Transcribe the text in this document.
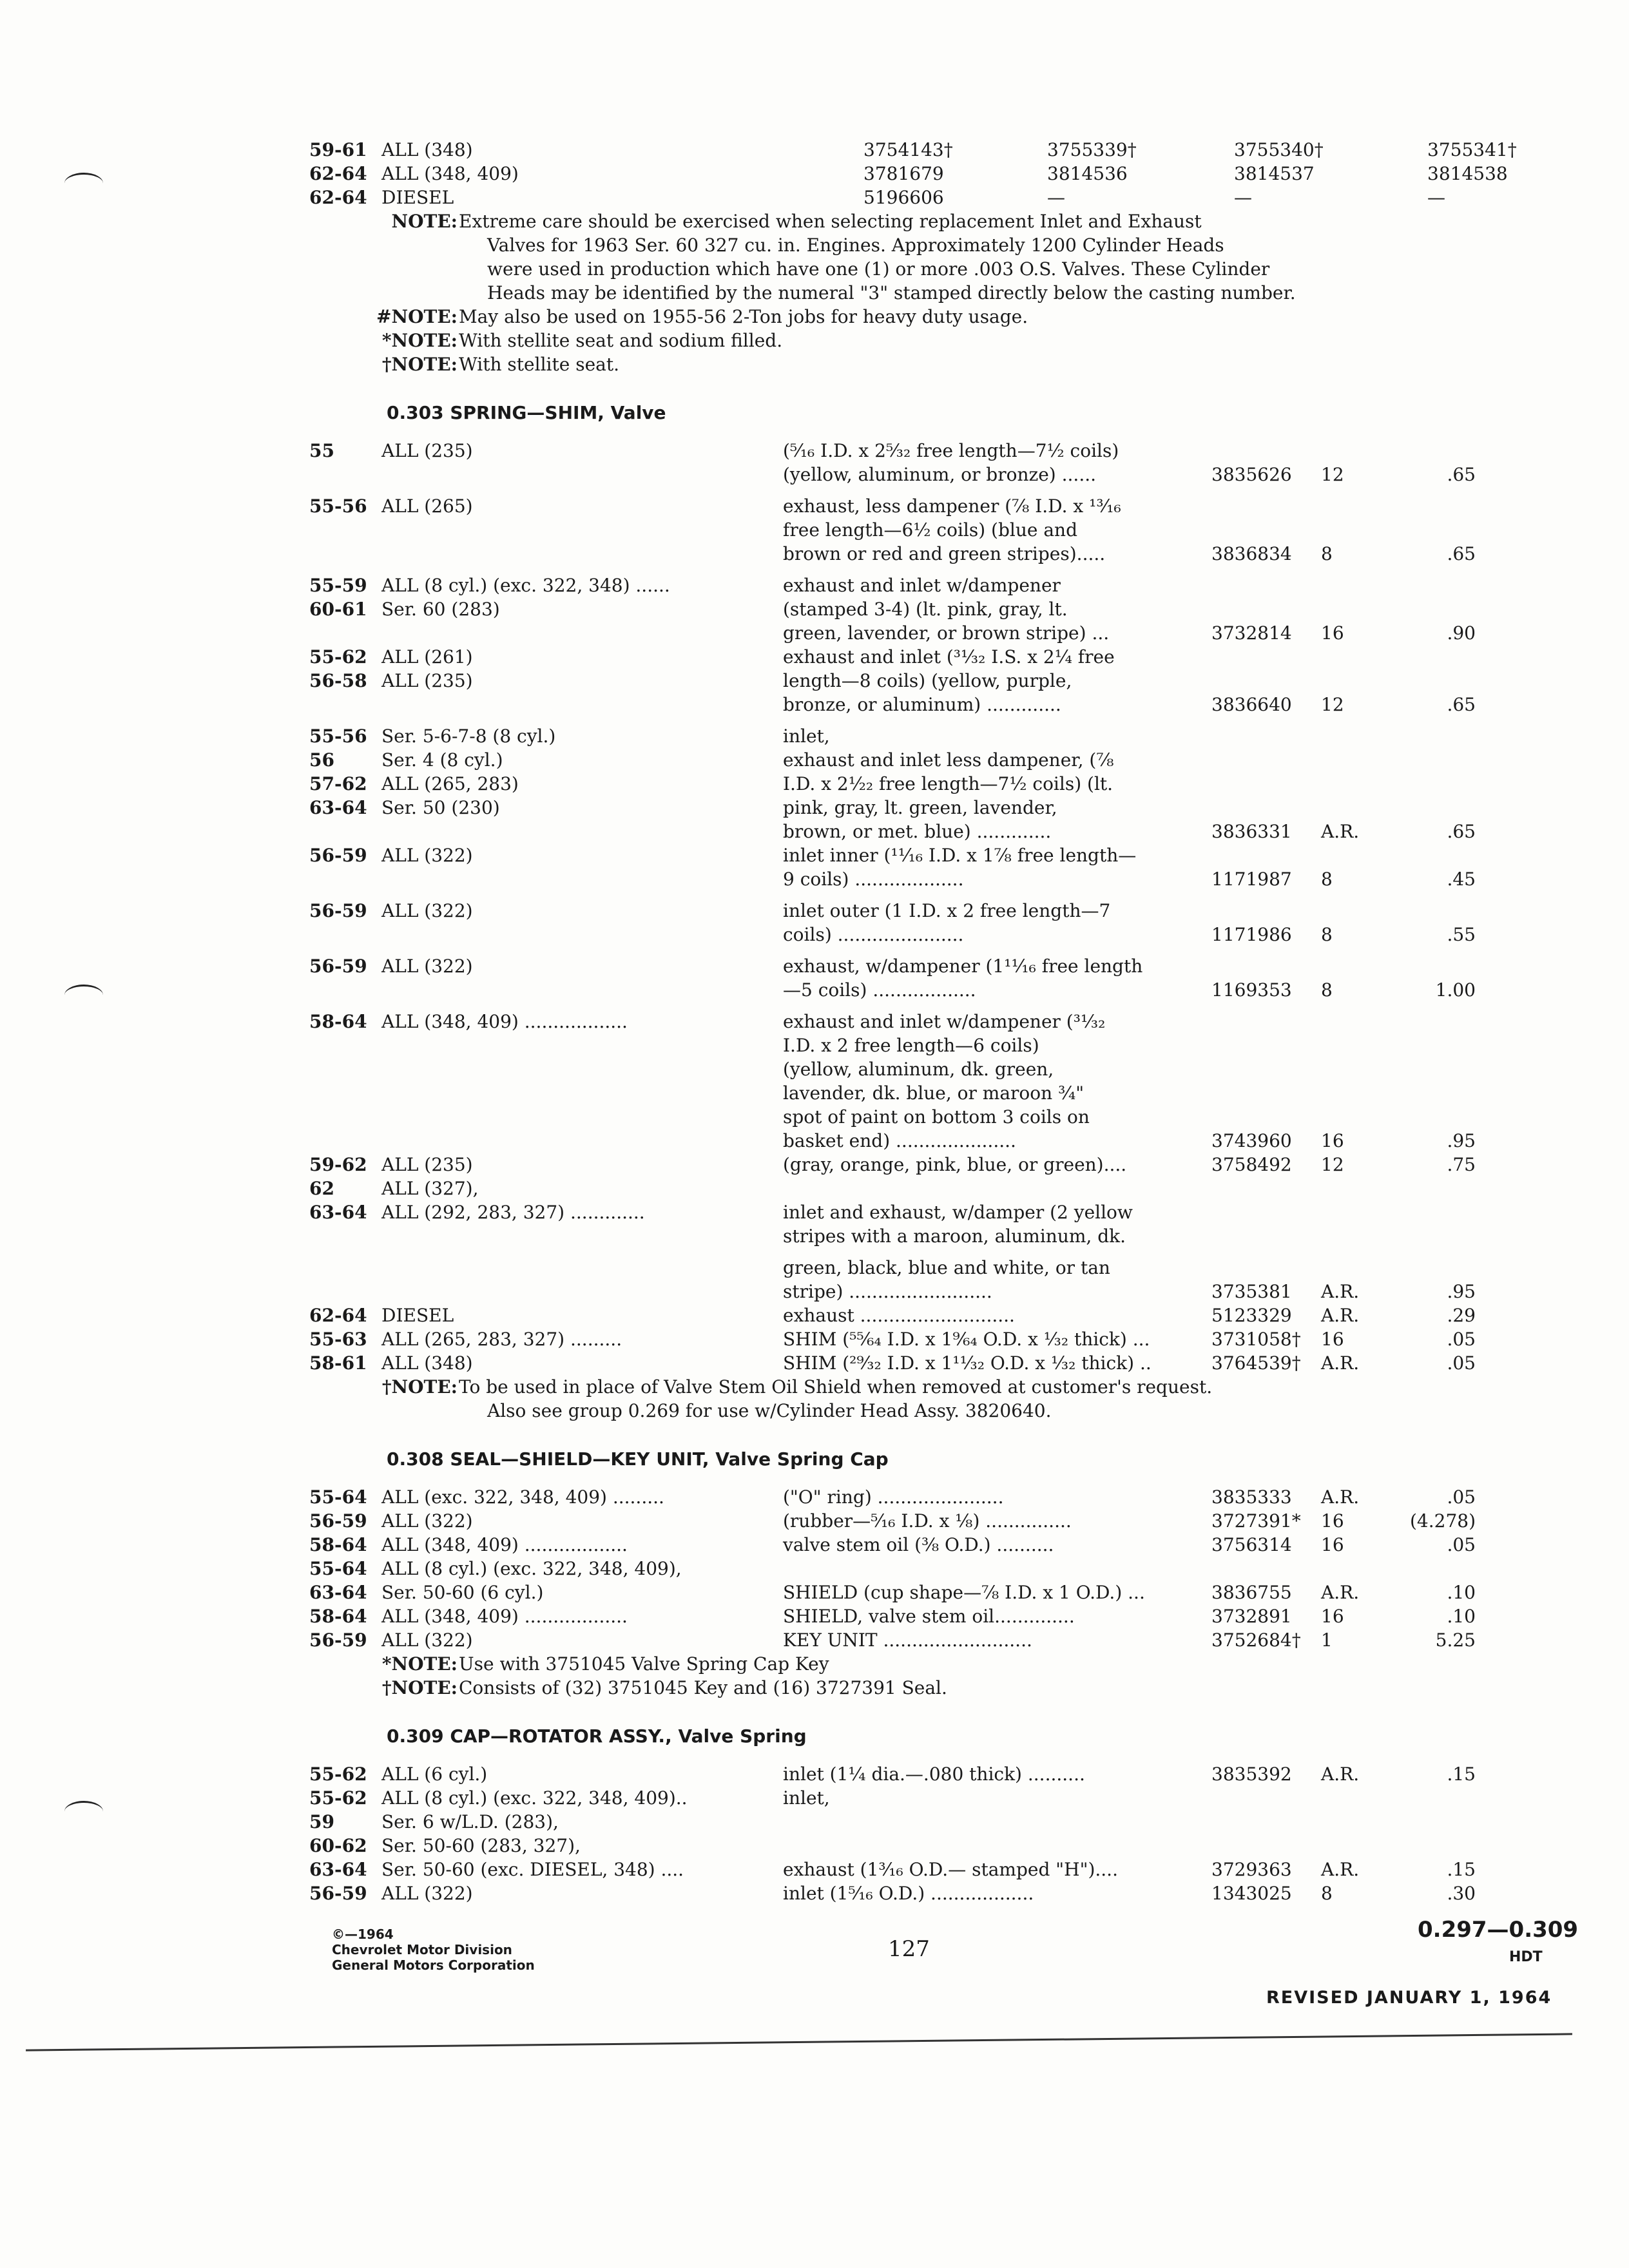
59-61 ALL (348)	3754143†	3755339†	3755340†	3755341†
62-64 ALL (348, 409)	3781679	3814536	3814537	3814538
62-64 DIESEL	5196606	—	—	—
NOTE: Extreme care should be exercised when selecting replacement Inlet and Exhaust
Valves for 1963 Ser. 60 327 cu. in. Engines. Approximately 1200 Cylinder Heads
were used in production which have one (1) or more .003 O.S. Valves. These Cylinder
Heads may be identified by the numeral "3" stamped directly below the casting number.
#NOTE: May also be used on 1955-56 2-Ton jobs for heavy duty usage.
*NOTE: With stellite seat and sodium filled.
†NOTE: With stellite seat.
0.303 SPRING—SHIM, Valve
55	ALL (235)	(⁵⁄₁₆ I.D. x 2⁵⁄₃₂ free length—7½ coils)
(yellow, aluminum, or bronze) ......	3835626 12	.65
55-56 ALL (265)	exhaust, less dampener (⁷⁄₈ I.D. x ¹³⁄₁₆
free length—6½ coils) (blue and
brown or red and green stripes).....	3836834 8	.65
55-59 ALL (8 cyl.) (exc. 322, 348) ......	exhaust and inlet w/dampener
60-61 Ser. 60 (283)	(stamped 3-4) (lt. pink, gray, lt.
green, lavender, or brown stripe) ...	3732814 16	.90
55-62 ALL (261)	exhaust and inlet (³¹⁄₃₂ I.S. x 2¼ free
56-58 ALL (235)	length—8 coils) (yellow, purple,
bronze, or aluminum) .............	3836640 12	.65
55-56 Ser. 5-6-7-8 (8 cyl.)	inlet,
56	Ser. 4 (8 cyl.)	exhaust and inlet less dampener, (⁷⁄₈
57-62 ALL (265, 283)	I.D. x 2½₂ free length—7½ coils) (lt.
63-64 Ser. 50 (230)	pink, gray, lt. green, lavender,
brown, or met. blue) .............	3836331 A.R.	.65
56-59 ALL (322)	inlet inner (¹¹⁄₁₆ I.D. x 1⅞ free length—
9 coils) ...................	1171987 8	.45
56-59 ALL (322)	inlet outer (1 I.D. x 2 free length—7
coils) ......................	1171986 8	.55
56-59 ALL (322)	exhaust, w/dampener (1¹¹⁄₁₆ free length
—5 coils) ..................	1169353 8	1.00
58-64 ALL (348, 409) ..................	exhaust and inlet w/dampener (³¹⁄₃₂
I.D. x 2 free length—6 coils)
(yellow, aluminum, dk. green,
lavender, dk. blue, or maroon ¾"
spot of paint on bottom 3 coils on
basket end) .....................	3743960 16	.95
59-62 ALL (235)	(gray, orange, pink, blue, or green)....	3758492 12	.75
62	ALL (327),
63-64 ALL (292, 283, 327) .............	inlet and exhaust, w/damper (2 yellow
stripes with a maroon, aluminum, dk.
green, black, blue and white, or tan
stripe) .........................	3735381 A.R.	.95
62-64 DIESEL	exhaust ...........................	5123329 A.R.	.29
55-63 ALL (265, 283, 327) .........	SHIM (⁵⁵⁄₆₄ I.D. x 1⁹⁄₆₄ O.D. x ¹⁄₃₂ thick) ...	3731058† 16	.05
58-61 ALL (348)	SHIM (²⁹⁄₃₂ I.D. x 1¹¹⁄₃₂ O.D. x ¹⁄₃₂ thick) ..	3764539† A.R.	.05
†NOTE: To be used in place of Valve Stem Oil Shield when removed at customer's request.
Also see group 0.269 for use w/Cylinder Head Assy. 3820640.
0.308 SEAL—SHIELD—KEY UNIT, Valve Spring Cap
55-64 ALL (exc. 322, 348, 409) .........	("O" ring) ......................	3835333 A.R.	.05
56-59 ALL (322)	(rubber—⁵⁄₁₆ I.D. x ⅛) ...............	3727391* 16	(4.278)
58-64 ALL (348, 409) ..................	valve stem oil (⅜ O.D.) ..........	3756314 16	.05
55-64 ALL (8 cyl.) (exc. 322, 348, 409),
63-64 Ser. 50-60 (6 cyl.)	SHIELD (cup shape—⅞ I.D. x 1 O.D.) ...	3836755 A.R.	.10
58-64 ALL (348, 409) ..................	SHIELD, valve stem oil..............	3732891 16	.10
56-59 ALL (322)	KEY UNIT ..........................	3752684† 1	5.25
*NOTE: Use with 3751045 Valve Spring Cap Key
†NOTE: Consists of (32) 3751045 Key and (16) 3727391 Seal.
0.309 CAP—ROTATOR ASSY., Valve Spring
55-62 ALL (6 cyl.)	inlet (1¼ dia.—.080 thick) ..........	3835392 A.R.	.15
55-62 ALL (8 cyl.) (exc. 322, 348, 409)..	inlet,
59	Ser. 6 w/L.D. (283),
60-62 Ser. 50-60 (283, 327),
63-64 Ser. 50-60 (exc. DIESEL, 348) ....	exhaust (1³⁄₁₆ O.D.— stamped "H")....	3729363 A.R.	.15
56-59 ALL (322)	inlet (1⁵⁄₁₆ O.D.) ..................	1343025 8	.30
©—1964
Chevrolet Motor Division
General Motors Corporation
127
0.297—0.309
HDT
REVISED JANUARY 1, 1964
